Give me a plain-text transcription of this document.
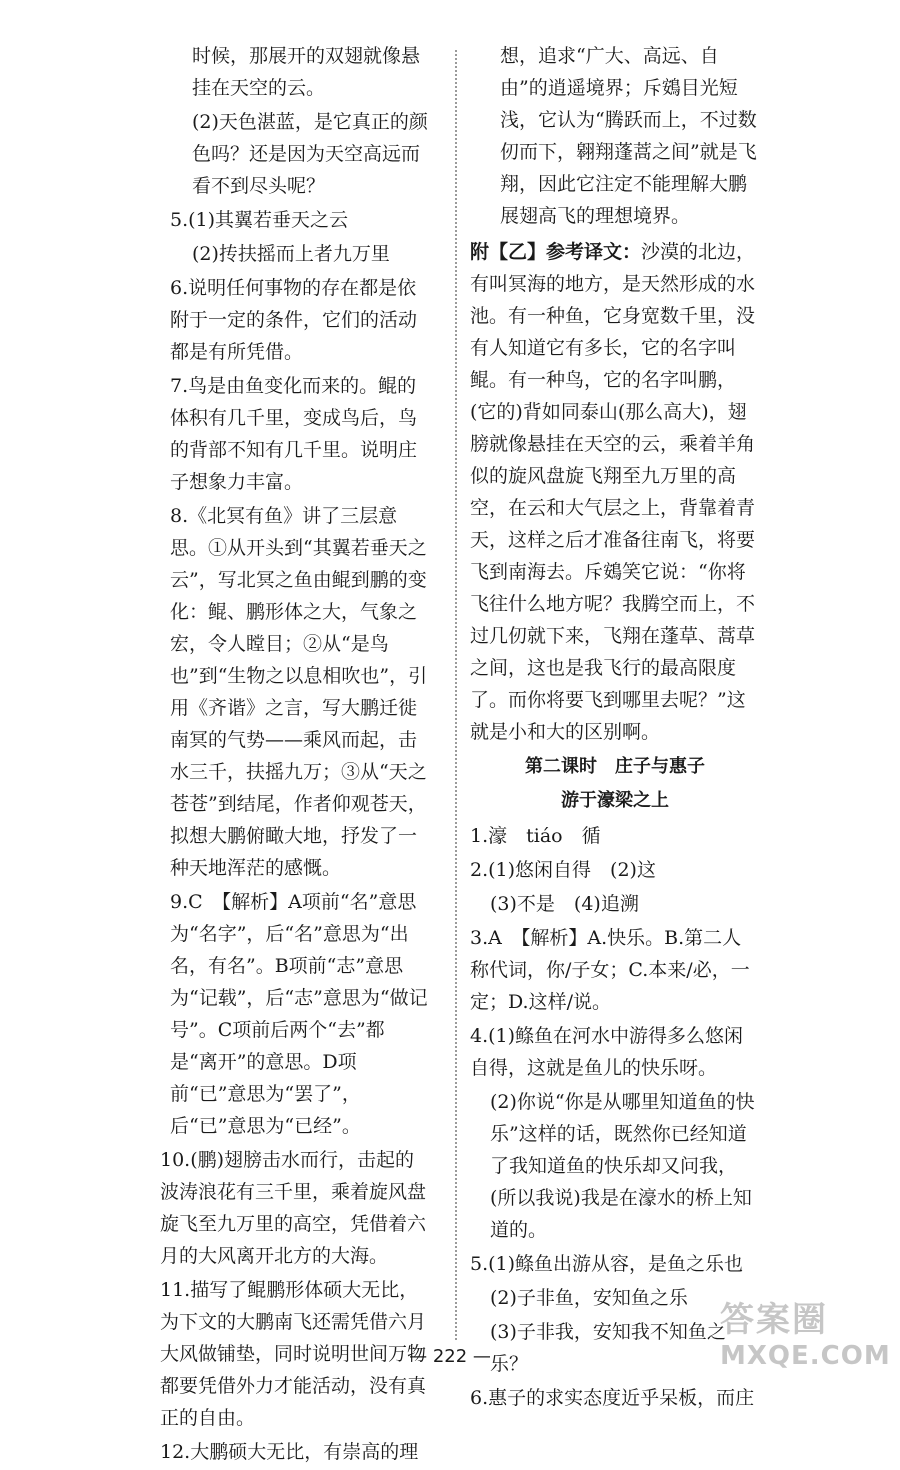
时候，那展开的双翅就像悬挂在天空的云。

(2)天色湛蓝，是它真正的颜色吗？还是因为天空高远而看不到尽头呢？

5.(1)其翼若垂天之云

(2)抟扶摇而上者九万里

6.说明任何事物的存在都是依附于一定的条件，它们的活动都是有所凭借。

7.鸟是由鱼变化而来的。鲲的体积有几千里，变成鸟后，鸟的背部不知有几千里。说明庄子想象力丰富。

8.《北冥有鱼》讲了三层意思。①从开头到“其翼若垂天之云”，写北冥之鱼由鲲到鹏的变化：鲲、鹏形体之大，气象之宏，令人瞠目；②从“是鸟也”到“生物之以息相吹也”，引用《齐谐》之言，写大鹏迁徙南冥的气势——乘风而起，击水三千，扶摇九万；③从“天之苍苍”到结尾，作者仰观苍天，拟想大鹏俯瞰大地，抒发了一种天地浑茫的感慨。

9.C　【解析】A项前“名”意思为“名字”，后“名”意思为“出名，有名”。B项前“志”意思为“记载”，后“志”意思为“做记号”。C项前后两个“去”都是“离开”的意思。D项前“已”意思为“罢了”，后“已”意思为“已经”。

10.(鹏)翅膀击水而行，击起的波涛浪花有三千里，乘着旋风盘旋飞至九万里的高空，凭借着六月的大风离开北方的大海。

11.描写了鲲鹏形体硕大无比，为下文的大鹏南飞还需凭借六月大风做铺垫，同时说明世间万物都要凭借外力才能活动，没有真正的自由。

12.大鹏硕大无比，有崇高的理

想，追求“广大、高远、自由”的逍遥境界；斥鴳目光短浅，它认为“腾跃而上，不过数仞而下，翱翔蓬蒿之间”就是飞翔，因此它注定不能理解大鹏展翅高飞的理想境界。

附【乙】参考译文：沙漠的北边，有叫冥海的地方，是天然形成的水池。有一种鱼，它身宽数千里，没有人知道它有多长，它的名字叫鲲。有一种鸟，它的名字叫鹏，(它的)背如同泰山(那么高大)，翅膀就像悬挂在天空的云，乘着羊角似的旋风盘旋飞翔至九万里的高空，在云和大气层之上，背靠着青天，这样之后才准备往南飞，将要飞到南海去。斥鴳笑它说：“你将飞往什么地方呢？我腾空而上，不过几仞就下来，飞翔在蓬草、蒿草之间，这也是我飞行的最高限度了。而你将要飞到哪里去呢？”这就是小和大的区别啊。

第二课时　庄子与惠子
游于濠梁之上

1.濠　tiáo　循

2.(1)悠闲自得　(2)这

(3)不是　(4)追溯

3.A　【解析】A.快乐。B.第二人称代词，你/子女；C.本来/必，一定；D.这样/说。

4.(1)鲦鱼在河水中游得多么悠闲自得，这就是鱼儿的快乐呀。

(2)你说“你是从哪里知道鱼的快乐”这样的话，既然你已经知道了我知道鱼的快乐却又问我，(所以我说)我是在濠水的桥上知道的。

5.(1)鲦鱼出游从容，是鱼之乐也

(2)子非鱼，安知鱼之乐

(3)子非我，安知我不知鱼之乐？

6.惠子的求实态度近乎呆板，而庄

— 222 —
答案圈
MXQE.COM
